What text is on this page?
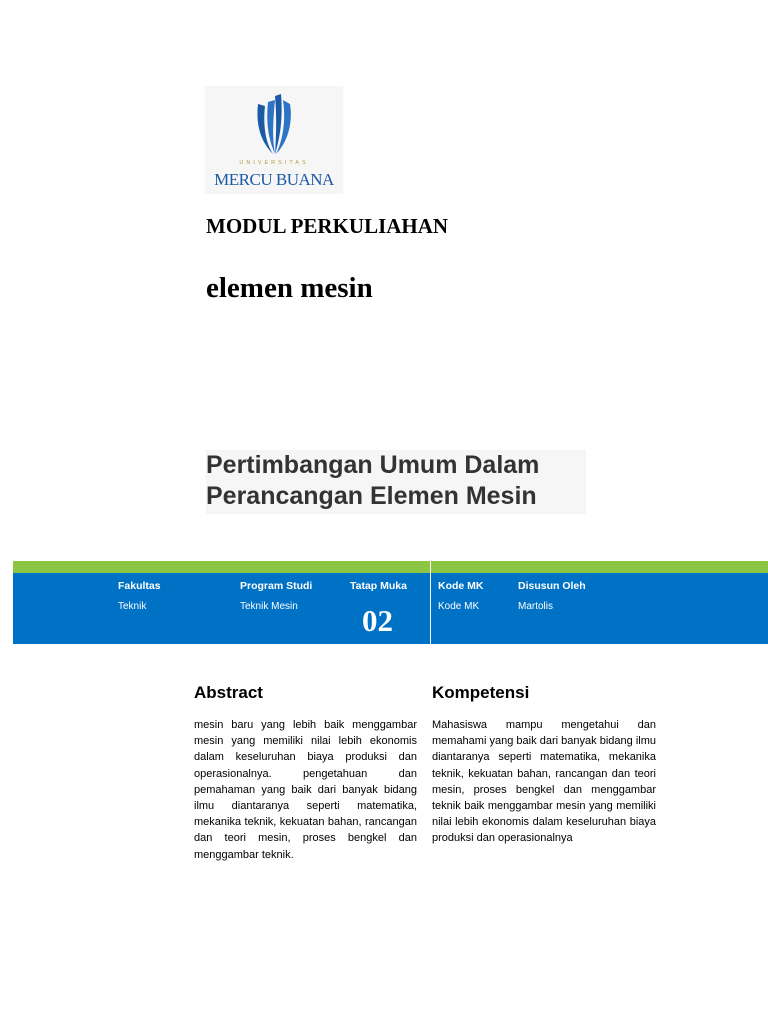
UNIVERSITAS
MERCU BUANA
MODUL PERKULIAHAN
elemen mesin
Pertimbangan Umum Dalam
Perancangan Elemen Mesin
Fakultas
Teknik
Program Studi
Teknik Mesin
Tatap Muka
02
Kode MK
Kode MK
Disusun Oleh
Martolis
Abstract
mesin baru yang lebih baik menggambar mesin yang memiliki nilai lebih ekonomis dalam keseluruhan biaya produksi dan operasionalnya. pengetahuan dan pemahaman yang baik dari banyak bidang ilmu diantaranya seperti matematika, mekanika teknik, kekuatan bahan, rancangan dan teori mesin, proses bengkel dan menggambar teknik.
Kompetensi
Mahasiswa mampu mengetahui dan memahami yang baik dari banyak bidang ilmu diantaranya seperti matematika, mekanika teknik, kekuatan bahan, rancangan dan teori mesin, proses bengkel dan menggambar teknik baik menggambar mesin yang memiliki nilai lebih ekonomis dalam keseluruhan biaya produksi dan operasionalnya
